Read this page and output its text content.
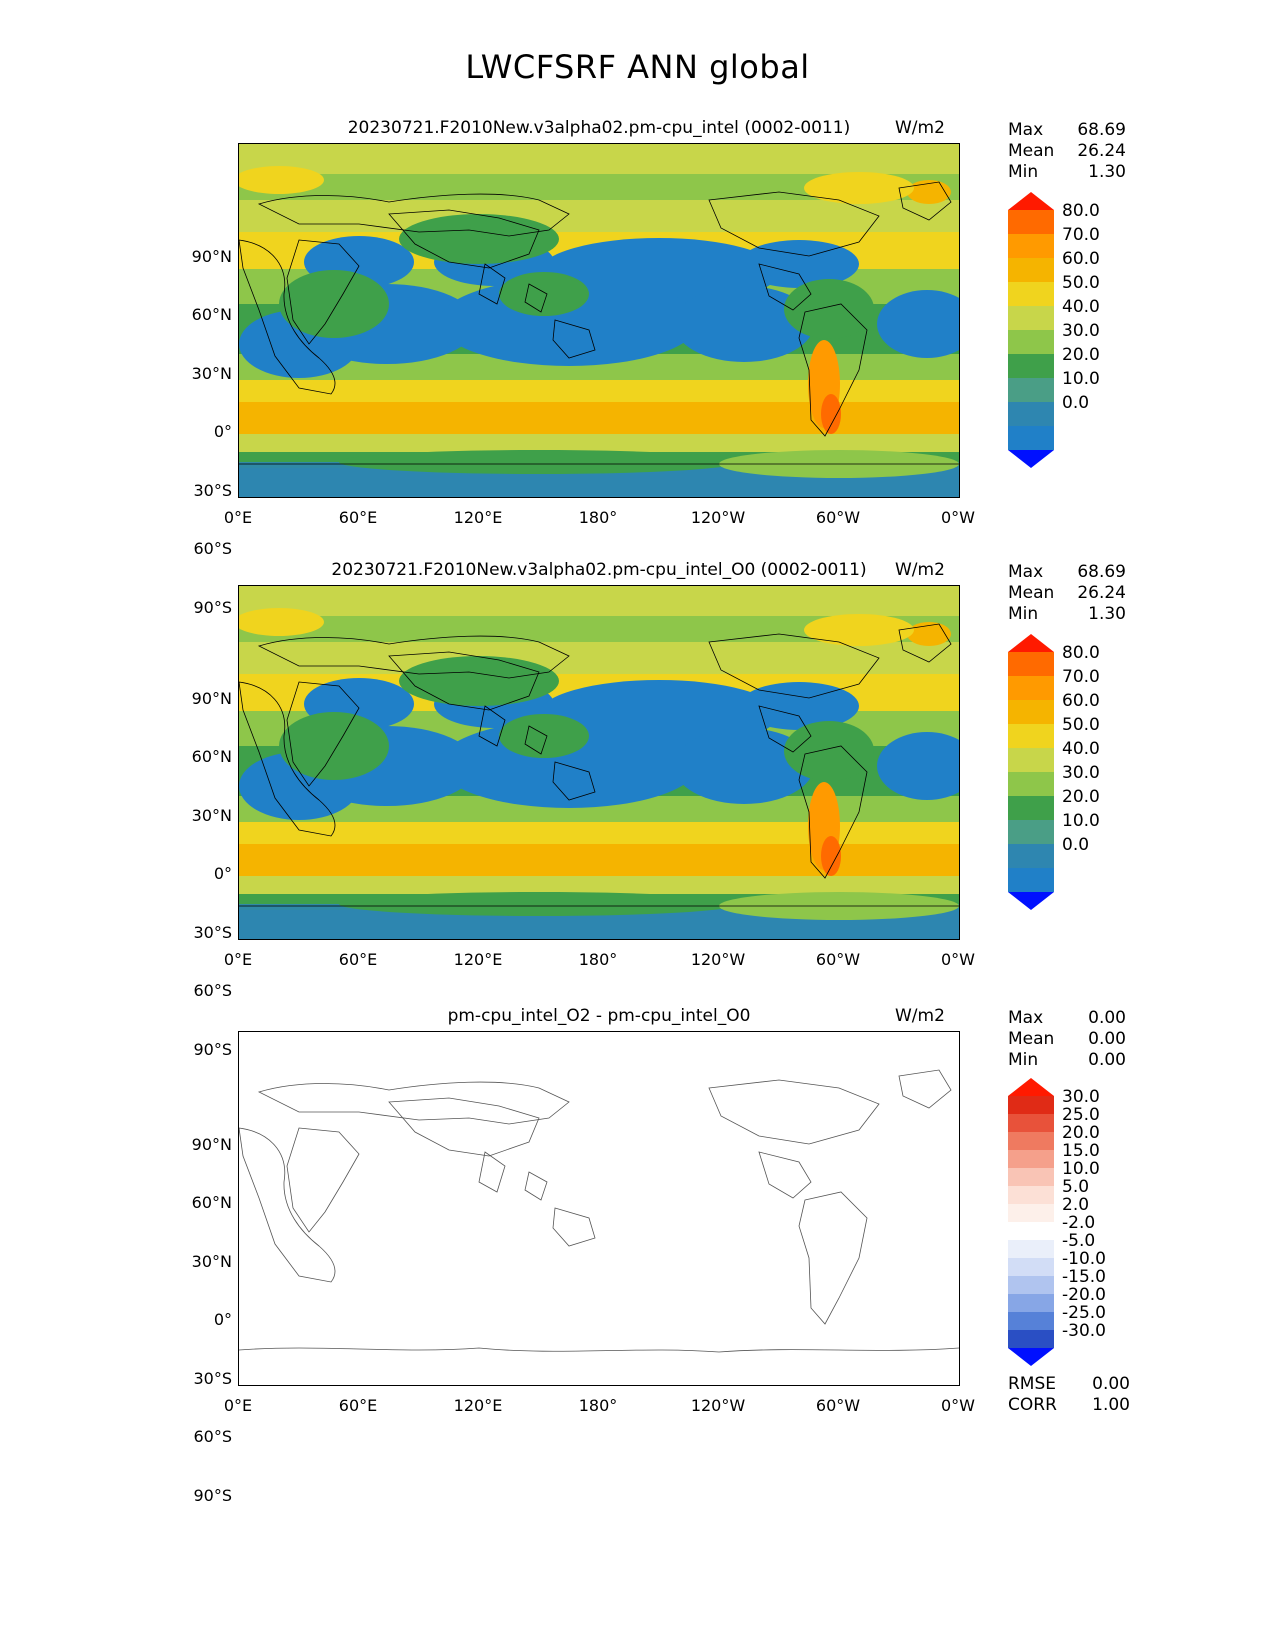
LWCFSRF ANN global
20230721.F2010New.v3alpha02.pm-cpu_intel (0002-0011)	W/m2
90°N
60°N
30°N
0°
30°S
60°S
90°S
0°E	60°E	120°E	180°	120°W	60°W	0°W
Max 68.69
Mean 26.24
Min	1.30
80.0
70.0
60.0
50.0
40.0
30.0
20.0
10.0
0.0
20230721.F2010New.v3alpha02.pm-cpu_intel_O0 (0002-0011)	W/m2
90°N
60°N
30°N
0°
30°S
60°S
90°S
0°E	60°E	120°E	180°	120°W	60°W	0°W
Max 68.69
Mean 26.24
Min	1.30
80.0
70.0
60.0
50.0
40.0
30.0
20.0
10.0
0.0
pm-cpu_intel_O2 - pm-cpu_intel_O0	W/m2
90°N
60°N
30°N
0°
30°S
60°S
90°S
0°E	60°E	120°E	180°	120°W	60°W	0°W
Max	0.00
Mean 0.00
Min	0.00
30.0
25.0
20.0
15.0
10.0
5.0
2.0
-2.0
-5.0
-10.0
-15.0
-20.0
-25.0
-30.0
RMSE 0.00
CORR 1.00
